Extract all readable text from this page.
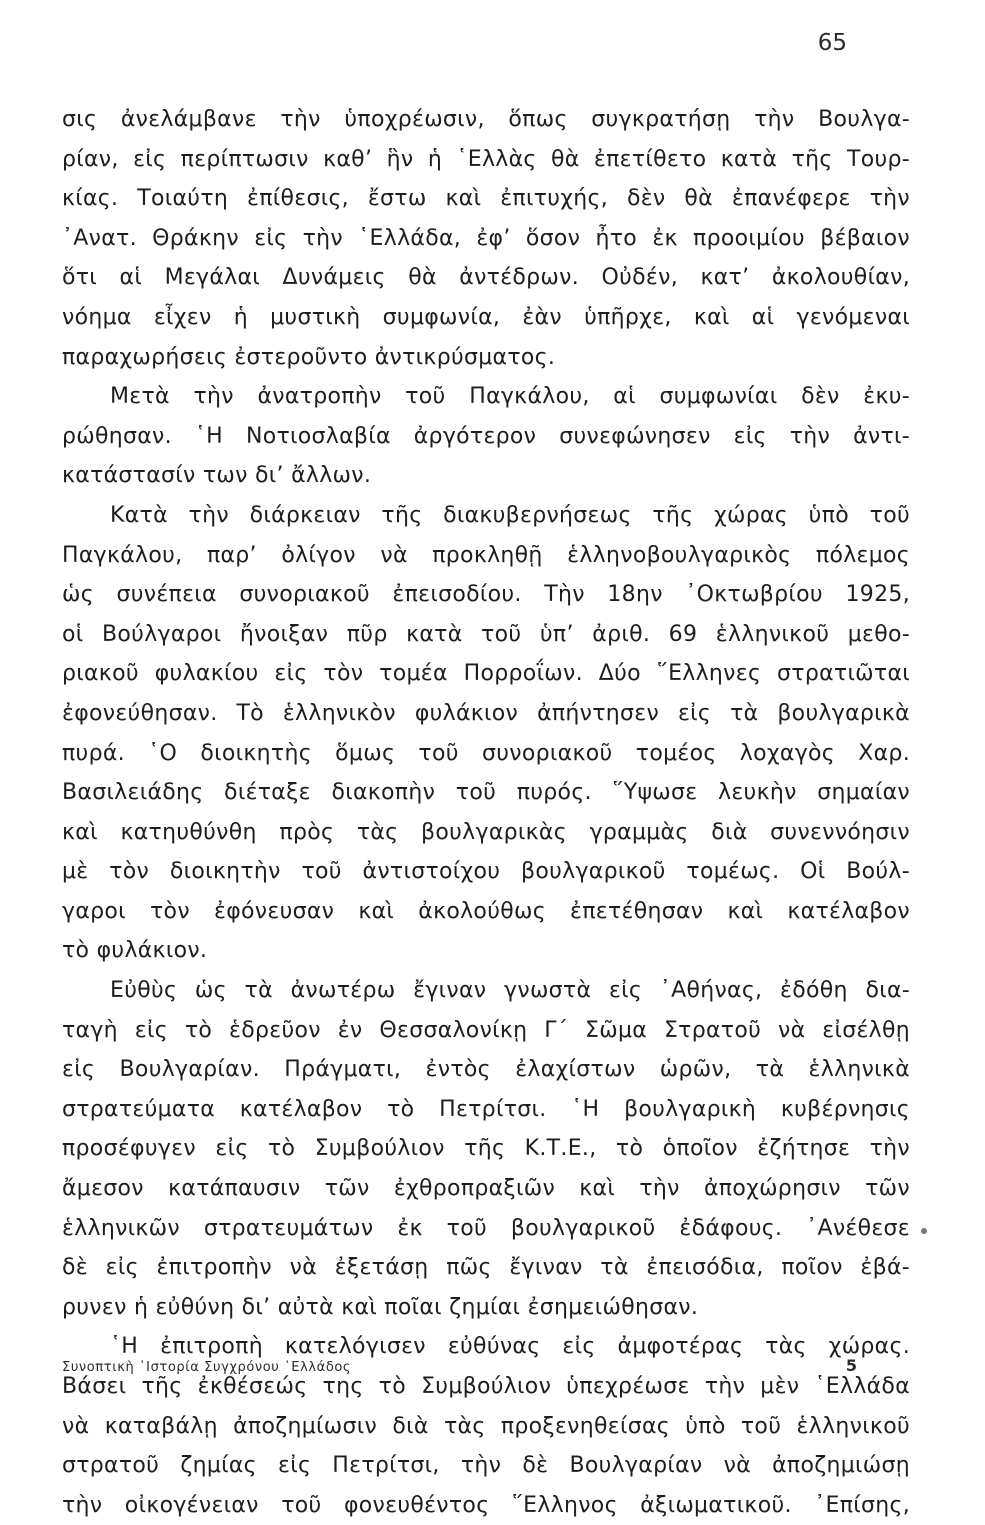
65
σις ἀνελάμβανε τὴν ὑποχρέωσιν, ὅπως συγκρατήσῃ τὴν Βουλγα-
ρίαν, εἰς περίπτωσιν καθ’ ἣν ἡ ῾Ελλὰς θὰ ἐπετίθετο κατὰ τῆς Τουρ-
κίας. Τοιαύτη ἐπίθεσις, ἔστω καὶ ἐπιτυχής, δὲν θὰ ἐπανέφερε τὴν
᾿Ανατ. Θράκην εἰς τὴν ῾Ελλάδα, ἐφ’ ὅσον ἦτο ἐκ προοιμίου βέβαιον
ὅτι αἱ Μεγάλαι Δυνάμεις θὰ ἀντέδρων. Οὐδέν, κατ’ ἀκολουθίαν,
νόημα εἶχεν ἡ μυστικὴ συμφωνία, ἐὰν ὑπῆρχε, καὶ αἱ γενόμεναι
παραχωρήσεις ἐστεροῦντο ἀντικρύσματος.
Μετὰ τὴν ἀνατροπὴν τοῦ Παγκάλου, αἱ συμφωνίαι δὲν ἐκυ-
ρώθησαν. ῾Η Νοτιοσλαβία ἀργότερον συνεφώνησεν εἰς τὴν ἀντι-
κατάστασίν των δι’ ἄλλων.
Κατὰ τὴν διάρκειαν τῆς διακυβερνήσεως τῆς χώρας ὑπὸ τοῦ
Παγκάλου, παρ’ ὀλίγον νὰ προκληθῇ ἑλληνοβουλγαρικὸς πόλεμος
ὡς συνέπεια συνοριακοῦ ἐπεισοδίου. Τὴν 18ην ᾿Οκτωβρίου 1925,
οἱ Βούλγαροι ἤνοιξαν πῦρ κατὰ τοῦ ὑπ’ ἀριθ. 69 ἑλληνικοῦ μεθο-
ριακοῦ φυλακίου εἰς τὸν τομέα Πορροΐων. Δύο ῞Ελληνες στρατιῶται
ἐφονεύθησαν. Τὸ ἑλληνικὸν φυλάκιον ἀπήντησεν εἰς τὰ βουλγαρικὰ
πυρά. ῾Ο διοικητὴς ὅμως τοῦ συνοριακοῦ τομέος λοχαγὸς Χαρ.
Βασιλειάδης διέταξε διακοπὴν τοῦ πυρός. ῞Υψωσε λευκὴν σημαίαν
καὶ κατηυθύνθη πρὸς τὰς βουλγαρικὰς γραμμὰς διὰ συνεννόησιν
μὲ τὸν διοικητὴν τοῦ ἀντιστοίχου βουλγαρικοῦ τομέως. Οἱ Βούλ-
γαροι τὸν ἐφόνευσαν καὶ ἀκολούθως ἐπετέθησαν καὶ κατέλαβον
τὸ φυλάκιον.
Εὐθὺς ὡς τὰ ἀνωτέρω ἔγιναν γνωστὰ εἰς ᾿Αθήνας, ἐδόθη δια-
ταγὴ εἰς τὸ ἑδρεῦον ἐν Θεσσαλονίκῃ Γ΄ Σῶμα Στρατοῦ νὰ εἰσέλθῃ
εἰς Βουλγαρίαν. Πράγματι, ἐντὸς ἐλαχίστων ὡρῶν, τὰ ἑλληνικὰ
στρατεύματα κατέλαβον τὸ Πετρίτσι. ῾Η βουλγαρικὴ κυβέρνησις
προσέφυγεν εἰς τὸ Συμβούλιον τῆς Κ.Τ.Ε., τὸ ὁποῖον ἐζήτησε τὴν
ἄμεσον κατάπαυσιν τῶν ἐχθροπραξιῶν καὶ τὴν ἀποχώρησιν τῶν
ἑλληνικῶν στρατευμάτων ἐκ τοῦ βουλγαρικοῦ ἐδάφους. ᾿Ανέθεσε
δὲ εἰς ἐπιτροπὴν νὰ ἐξετάσῃ πῶς ἔγιναν τὰ ἐπεισόδια, ποῖον ἐβά-
ρυνεν ἡ εὐθύνη δι’ αὐτὰ καὶ ποῖαι ζημίαι ἐσημειώθησαν.
῾Η ἐπιτροπὴ κατελόγισεν εὐθύνας εἰς ἀμφοτέρας τὰς χώρας.
Βάσει τῆς ἐκθέσεώς της τὸ Συμβούλιον ὑπεχρέωσε τὴν μὲν ῾Ελλάδα
νὰ καταβάλῃ ἀποζημίωσιν διὰ τὰς προξενηθείσας ὑπὸ τοῦ ἑλληνικοῦ
στρατοῦ ζημίας εἰς Πετρίτσι, τὴν δὲ Βουλγαρίαν νὰ ἀποζημιώσῃ
τὴν οἰκογένειαν τοῦ φονευθέντος ῞Ελληνος ἀξιωματικοῦ. ᾿Επίσης,
Συνοπτικὴ ῾Ιστορία Συγχρόνου ῾Ελλάδος	5
